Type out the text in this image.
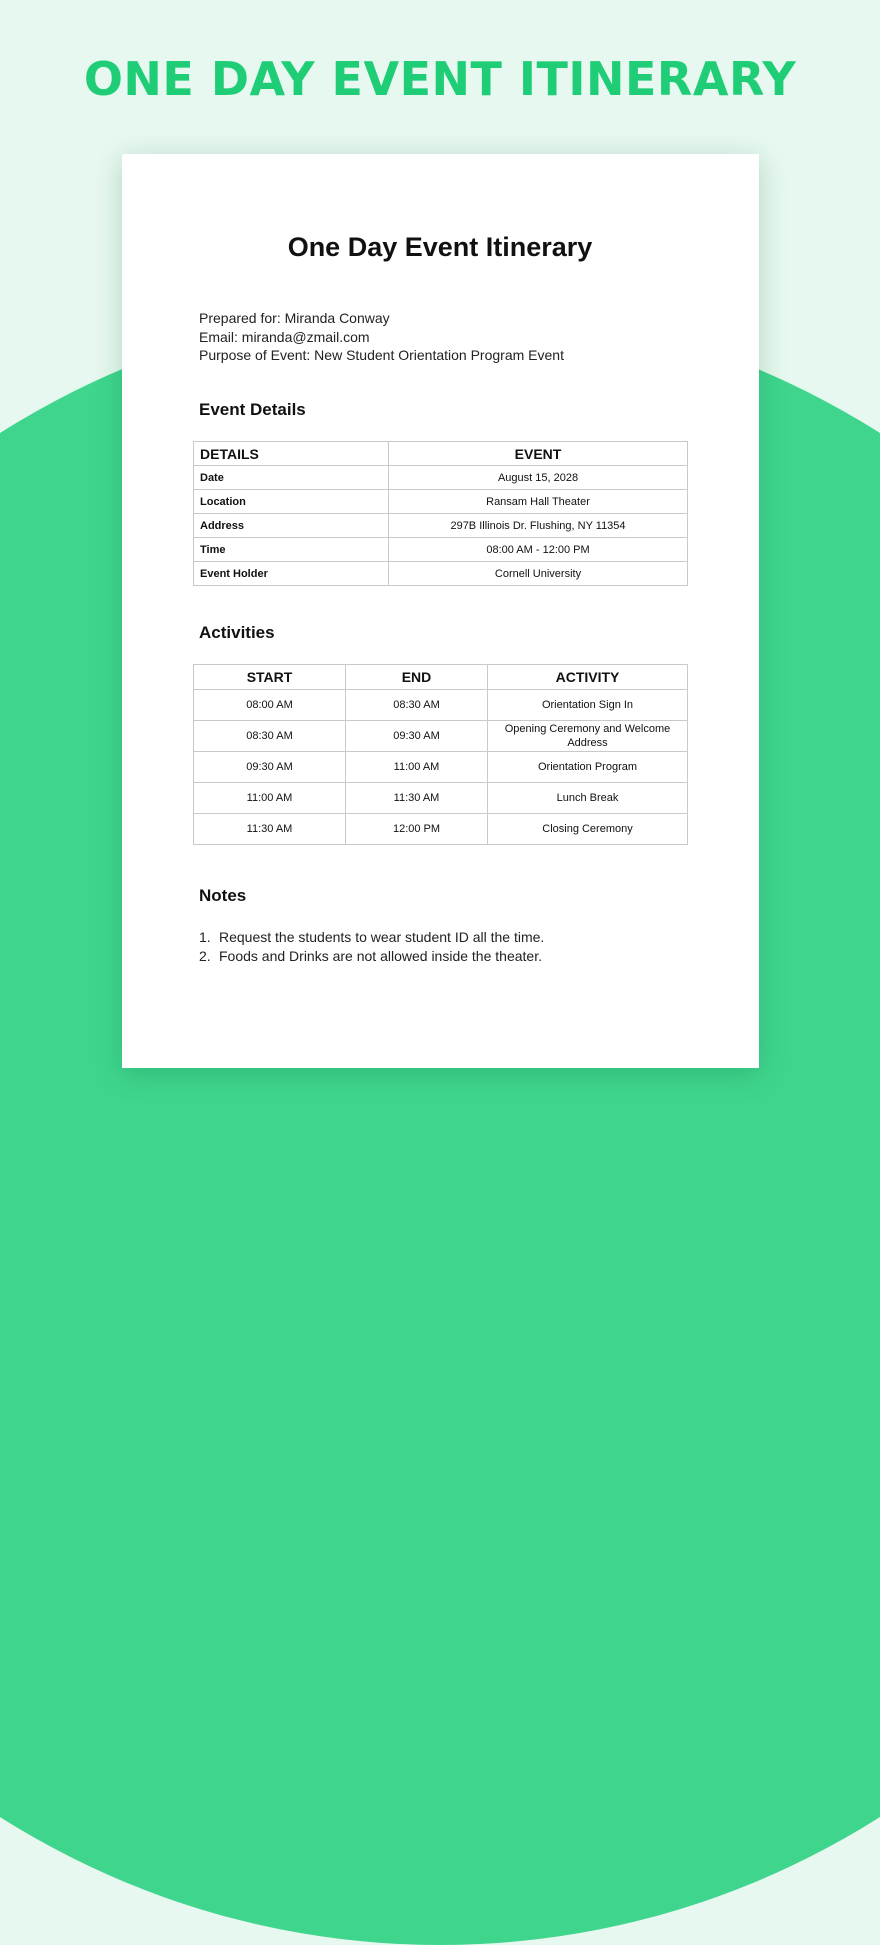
ONE DAY EVENT ITINERARY
One Day Event Itinerary
Prepared for: Miranda Conway
Email: miranda@zmail.com
Purpose of Event: New Student Orientation Program Event
Event Details
DETAILS	EVENT
Date	August 15, 2028
Location	Ransam Hall Theater
Address	297B Illinois Dr. Flushing, NY 11354
Time	08:00 AM - 12:00 PM
Event Holder	Cornell University
Activities
START	END	ACTIVITY
08:00 AM	08:30 AM	Orientation Sign In
08:30 AM	09:30 AM	Opening Ceremony and Welcome Address
09:30 AM	11:00 AM	Orientation Program
11:00 AM	11:30 AM	Lunch Break
11:30 AM	12:00 PM	Closing Ceremony
Notes
1. Request the students to wear student ID all the time.
2. Foods and Drinks are not allowed inside the theater.
